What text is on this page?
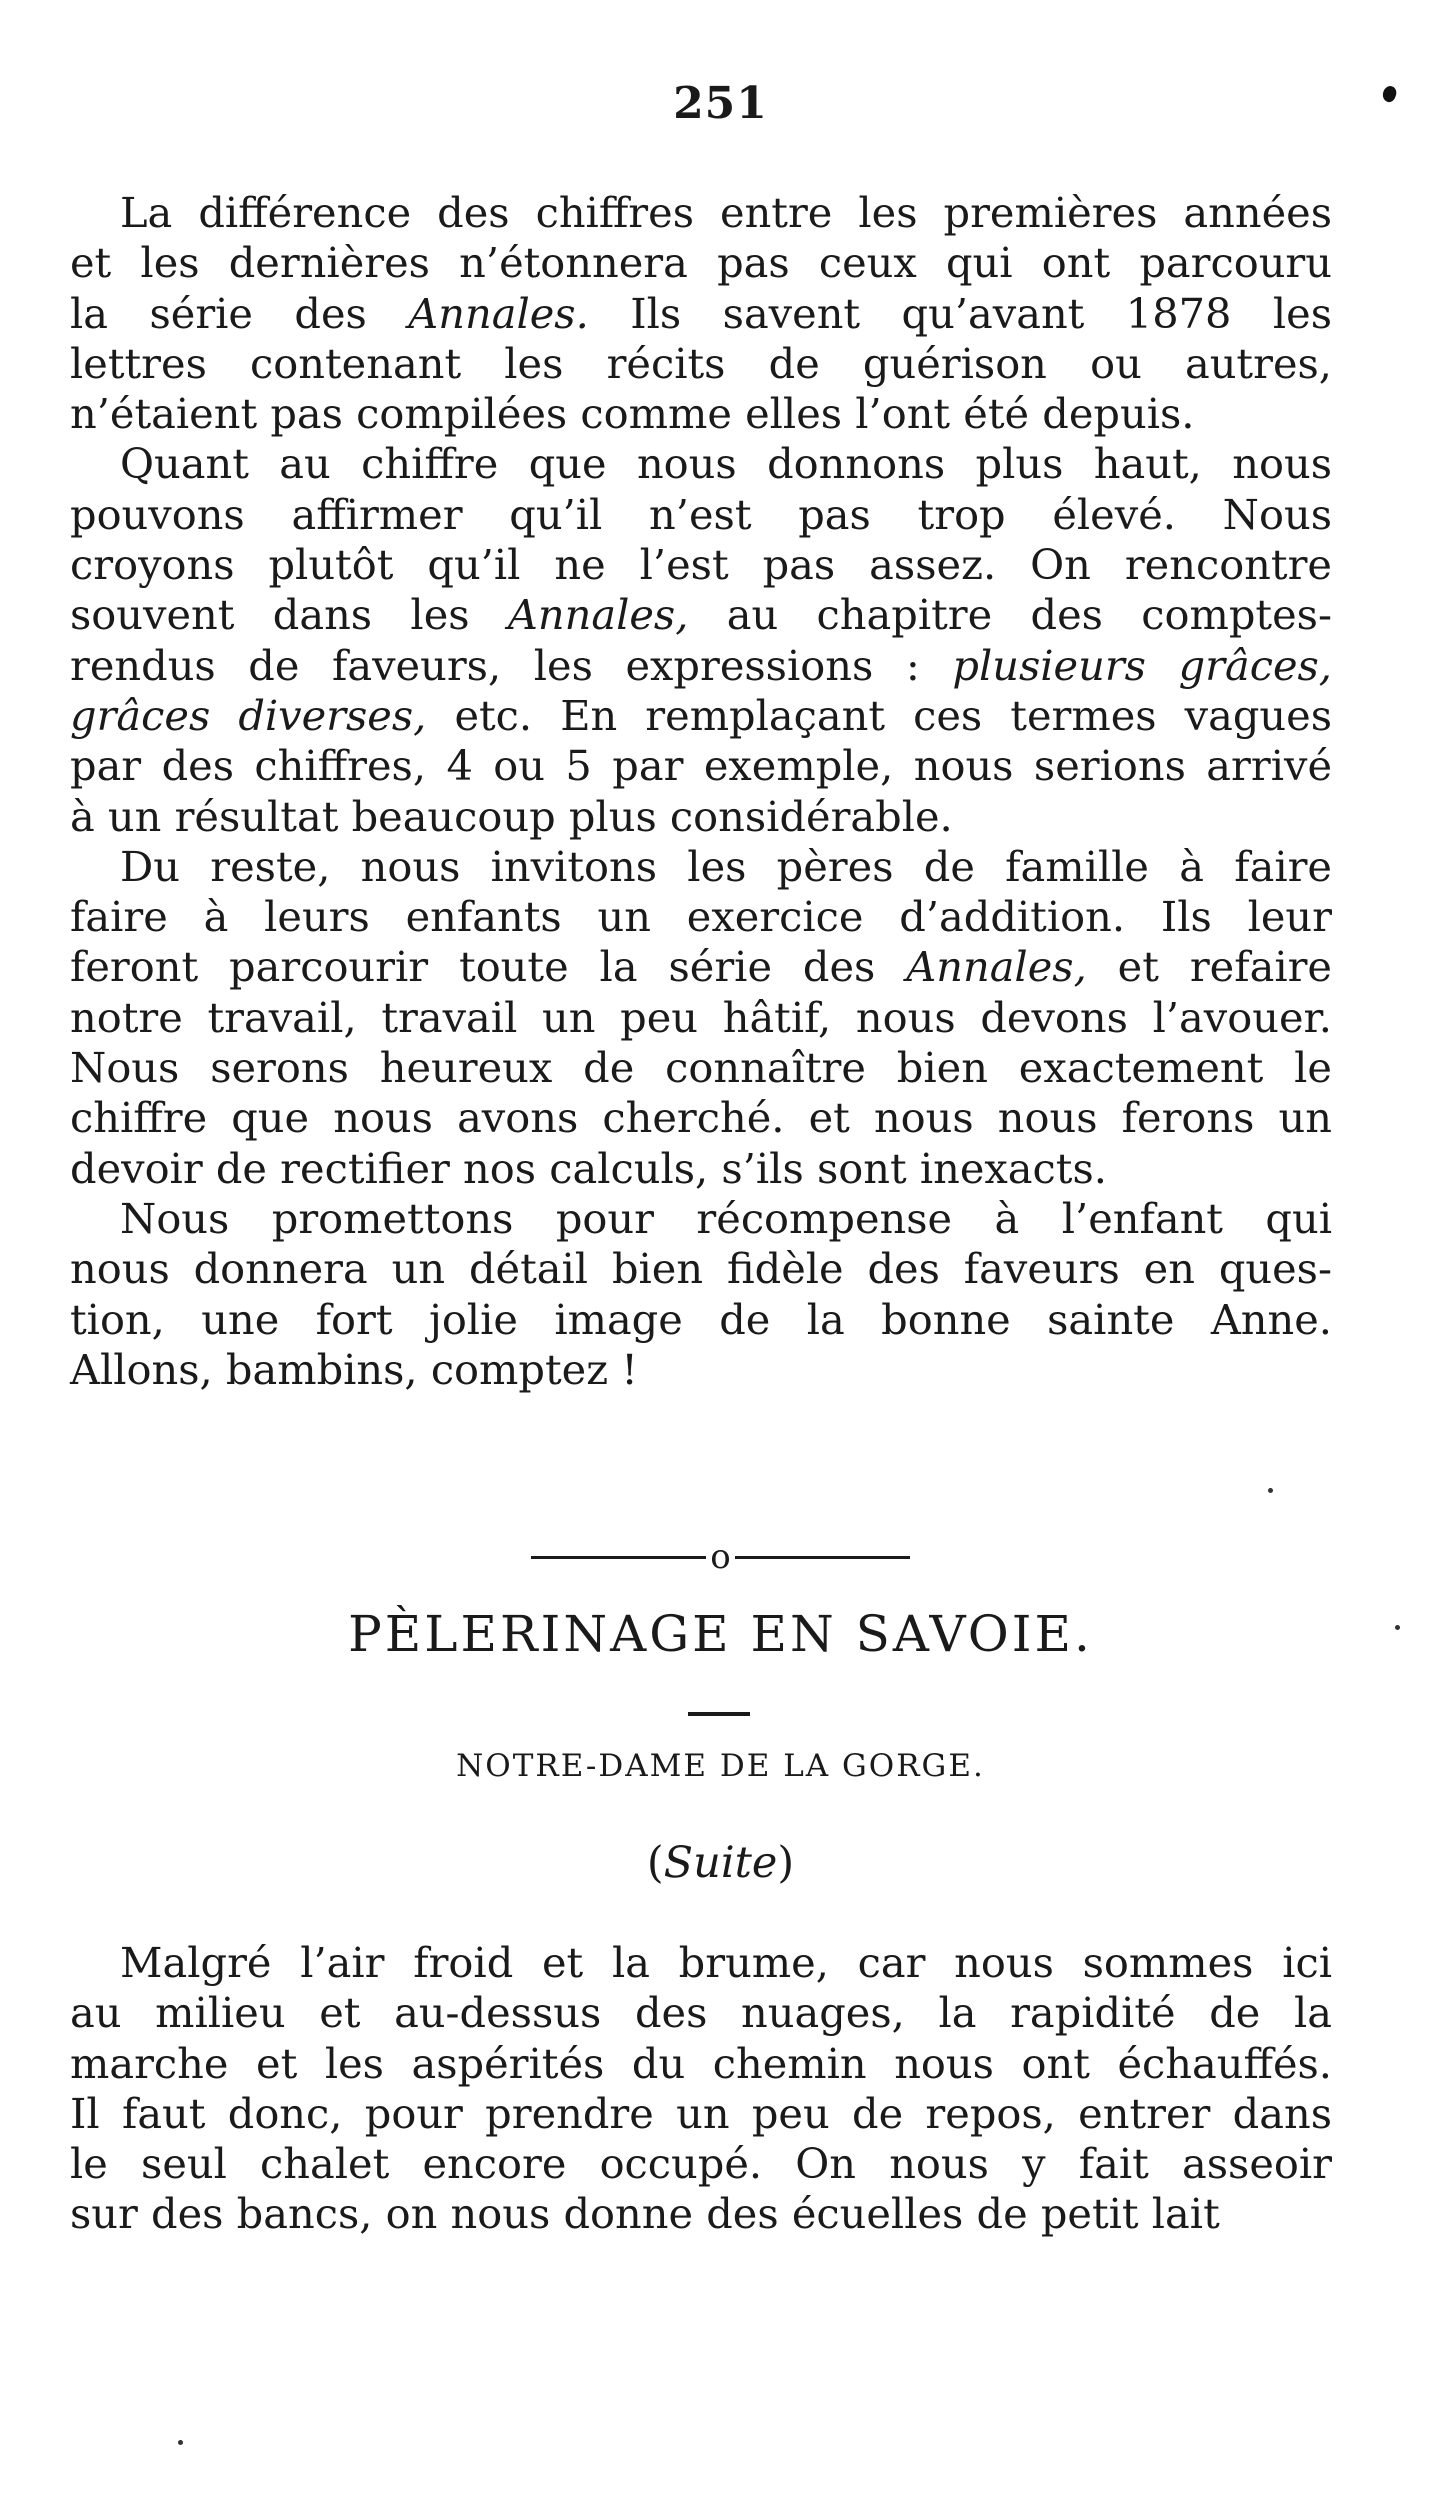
251
La différence des chiffres entre les premières années
et les dernières n’étonnera pas ceux qui ont parcouru
la série des Annales. Ils savent qu’avant 1878 les
lettres contenant les récits de guérison ou autres,
n’étaient pas compilées comme elles l’ont été depuis.
Quant au chiffre que nous donnons plus haut, nous
pouvons affirmer qu’il n’est pas trop élevé. Nous
croyons plutôt qu’il ne l’est pas assez. On rencontre
souvent dans les Annales, au chapitre des comptes-
rendus de faveurs, les expressions : plusieurs grâces,
grâces diverses, etc. En remplaçant ces termes vagues
par des chiffres, 4 ou 5 par exemple, nous serions arrivé
à un résultat beaucoup plus considérable.
Du reste, nous invitons les pères de famille à faire
faire à leurs enfants un exercice d’addition. Ils leur
feront parcourir toute la série des Annales, et refaire
notre travail, travail un peu hâtif, nous devons l’avouer.
Nous serons heureux de connaître bien exactement le
chiffre que nous avons cherché. et nous nous ferons un
devoir de rectifier nos calculs, s’ils sont inexacts.
Nous promettons pour récompense à l’enfant qui
nous donnera un détail bien fidèle des faveurs en ques-
tion, une fort jolie image de la bonne sainte Anne.
Allons, bambins, comptez !
o
PÈLERINAGE EN SAVOIE.
NOTRE-DAME DE LA GORGE.
(Suite)
Malgré l’air froid et la brume, car nous sommes ici
au milieu et au-dessus des nuages, la rapidité de la
marche et les aspérités du chemin nous ont échauffés.
Il faut donc, pour prendre un peu de repos, entrer dans
le seul chalet encore occupé. On nous y fait asseoir
sur des bancs, on nous donne des écuelles de petit lait
